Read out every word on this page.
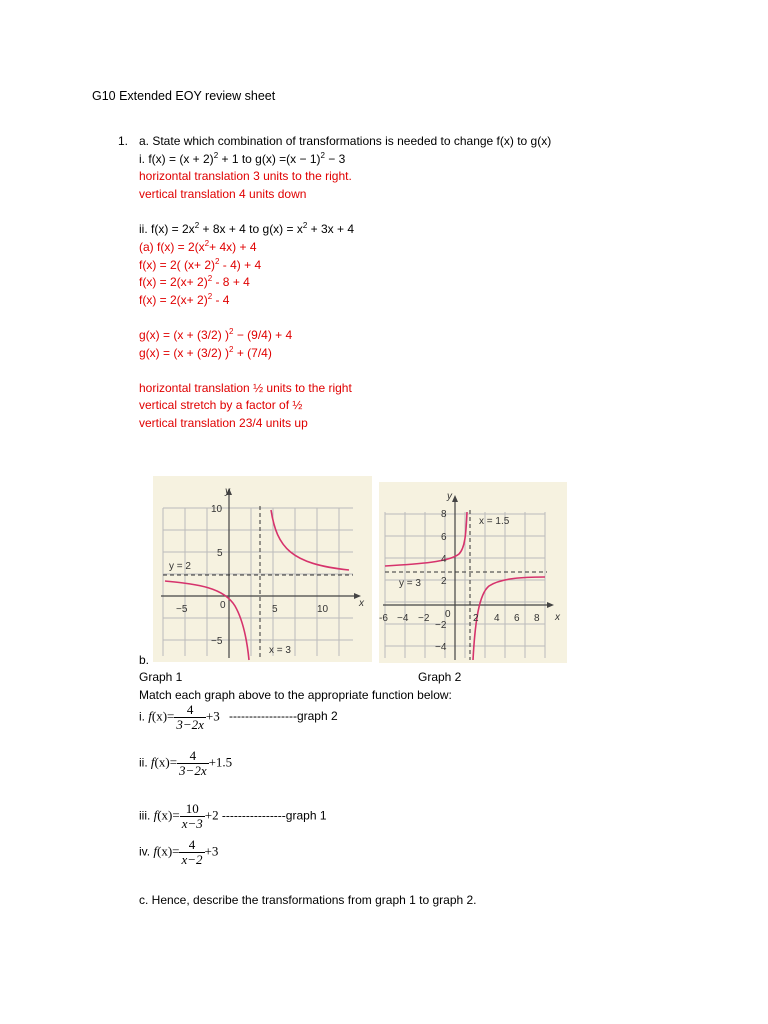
G10 Extended EOY review sheet
1. a. State which combination of transformations is needed to change f(x) to g(x)
i. $f(x) = (x + 2)^2 + 1$ to $g(x) =(x - 1)^2 - 3$
horizontal translation 3 units to the right.
vertical translation 4 units down
ii. $f(x) = 2x^2 + 8x + 4$ to $g(x) = x^2 + 3x + 4$
(a) $f(x) = 2(x^2+ 4x) + 4$
f(x) = 2( $(x+ 2)^2 - 4) + 4$
$f(x) = 2(x+ 2)^2 - 8 + 4$
$f(x) = 2(x+ 2)^2 - 4$
g(x) = (x + (3/2) )$^2$ − (9/4) + 4
g(x) = (x + (3/2) )$^2$ + (7/4)
horizontal translation ½ units to the right
vertical stretch by a factor of ½
vertical translation 23/4 units up
y
x
10
5
−5
−5	0	5	10
y = 2
x = 3
y
x
8
6
4
2
−2
−4
-6 −4 −2 0 2 4 6 8
y = 3
x = 1.5
b.
Graph 1	Graph 2
Match each graph above to the appropriate function below:
i. $f(x)= \frac{4}{3-2x} +3$ -----------------graph 2
ii. $f(x)= \frac{4}{3-2x} +1.5$
iii. $f(x)= \frac{10}{x-3} +2$ ----------------graph 1
iv. $f(x)= \frac{4}{x-2} +3$
c. Hence, describe the transformations from graph 1 to graph 2.
